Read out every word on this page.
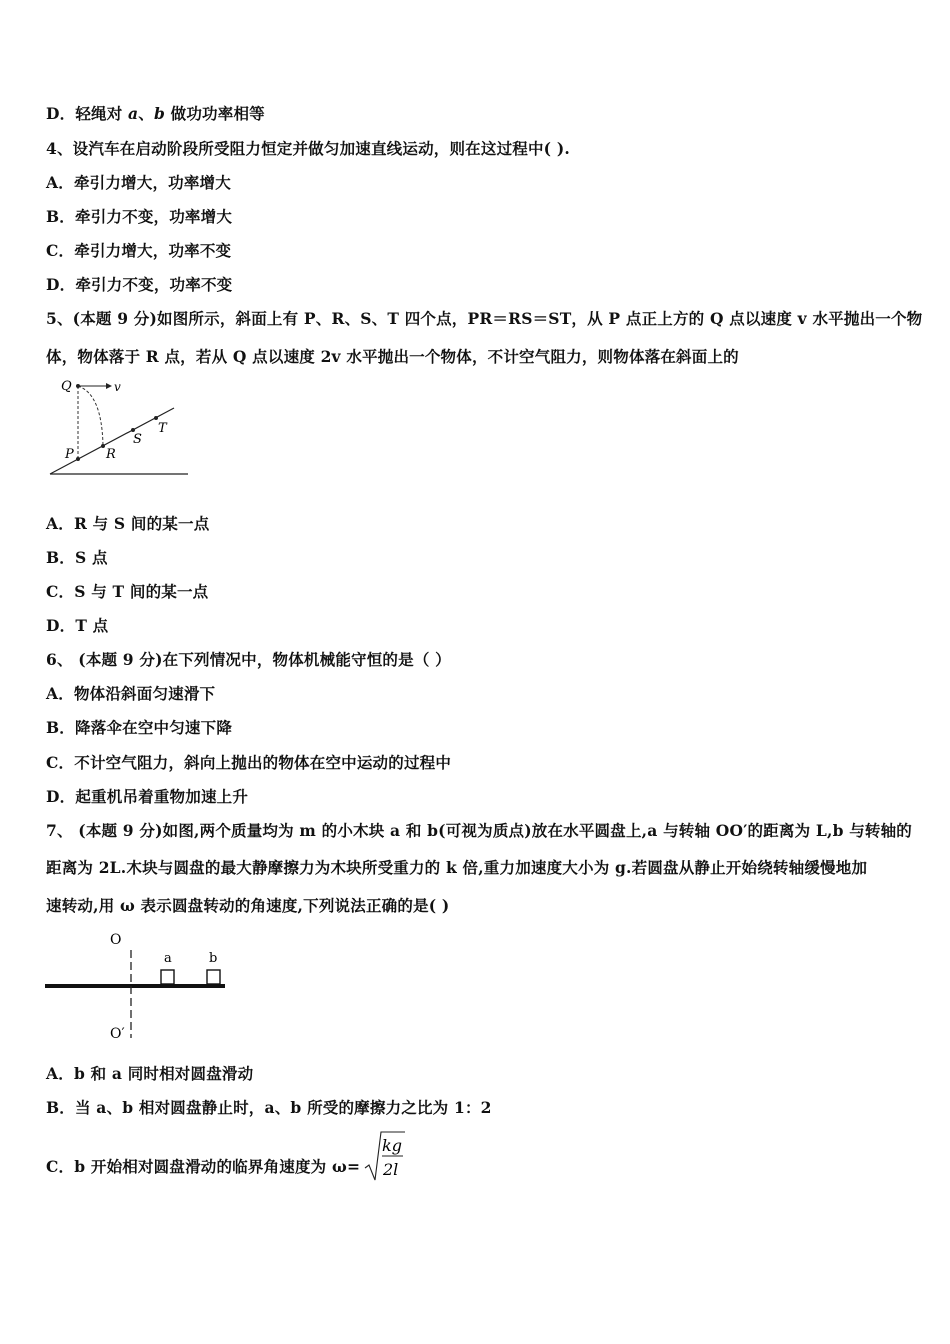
D．轻绳对 a、b 做功功率相等
4、设汽车在启动阶段所受阻力恒定并做匀加速直线运动，则在这过程中( ).
A．牵引力增大，功率增大
B．牵引力不变，功率增大
C．牵引力增大，功率不变
D．牵引力不变，功率不变
5、(本题 9 分)如图所示，斜面上有 P、R、S、T 四个点，PR＝RS＝ST，从 P 点正上方的 Q 点以速度 v 水平抛出一个物
体，物体落于 R 点，若从 Q 点以速度 2v 水平抛出一个物体，不计空气阻力，则物体落在斜面上的
Q	v
P R
S
T
A．R 与 S 间的某一点
B．S 点
C．S 与 T 间的某一点
D．T 点
6、 (本题 9 分)在下列情况中，物体机械能守恒的是（ ）
A．物体沿斜面匀速滑下
B．降落伞在空中匀速下降
C．不计空气阻力，斜向上抛出的物体在空中运动的过程中
D．起重机吊着重物加速上升
7、 (本题 9 分)如图,两个质量均为 m 的小木块 a 和 b(可视为质点)放在水平圆盘上,a 与转轴 OO′的距离为 L,b 与转轴的
距离为 2L.木块与圆盘的最大静摩擦力为木块所受重力的 k 倍,重力加速度大小为 g.若圆盘从静止开始绕转轴缓慢地加
速转动,用 ω 表示圆盘转动的角速度,下列说法正确的是( )
O
O′
a	b
A．b 和 a 同时相对圆盘滑动
B．当 a、b 相对圆盘静止时，a、b 所受的摩擦力之比为 1：2
C．b 开始相对圆盘滑动的临界角速度为 ω=
kg
2l
